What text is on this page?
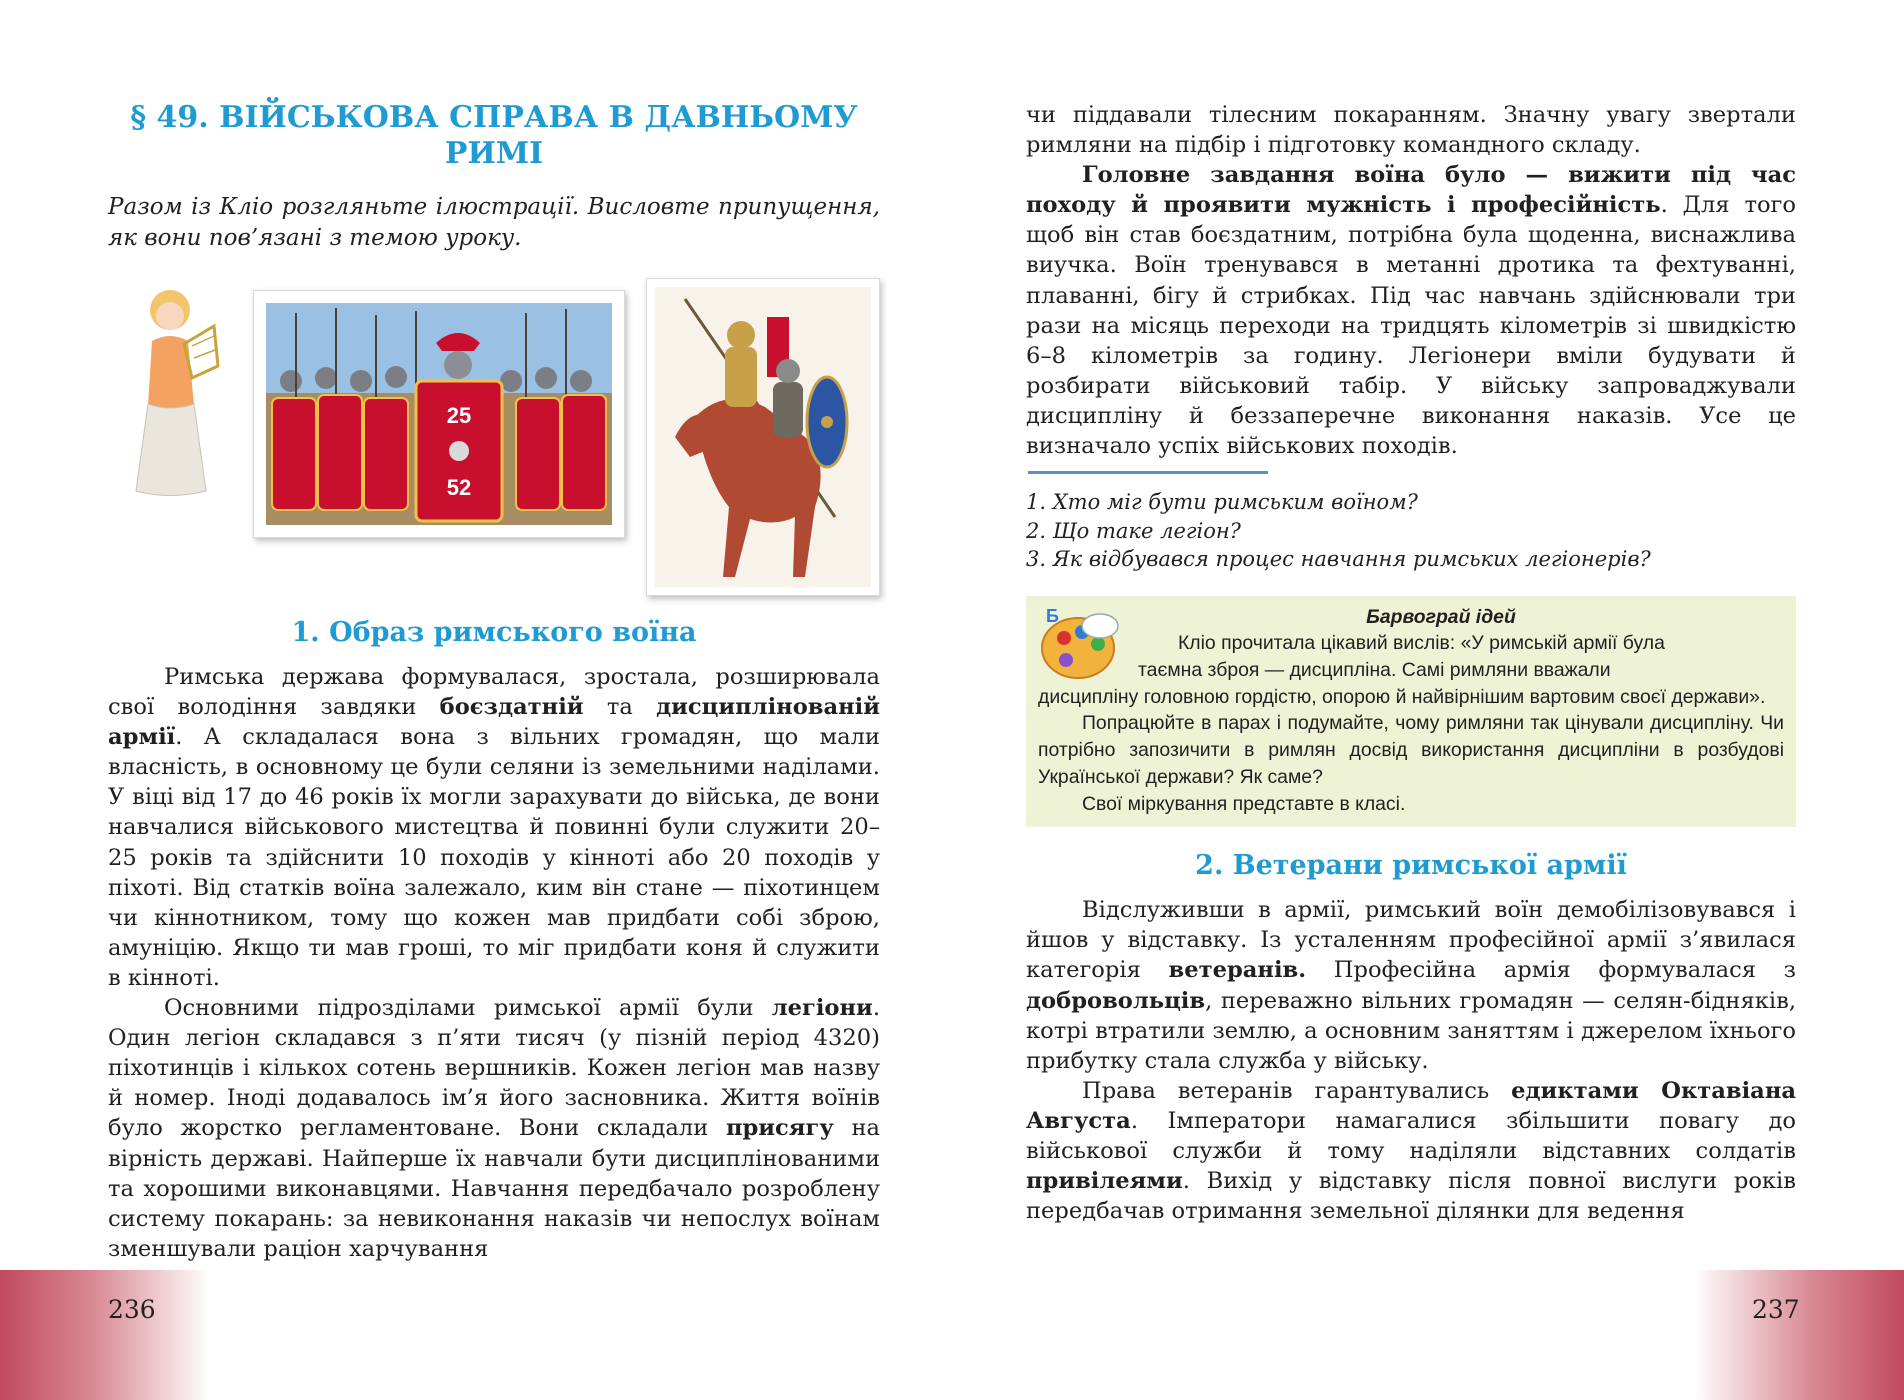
§ 49. ВІЙСЬКОВА СПРАВА В ДАВНЬОМУ РИМІ

Разом із Кліо розгляньте ілюстрації. Висловте припущення, як вони пов’язані з темою уроку.

25
52
1. Образ римського воїна

Римська держава формувалася, зростала, розширювала свої володіння завдяки боєздатній та дисциплінованій армії. А складалася вона з вільних громадян, що мали власність, в основному це були селяни із земельними наділами. У віці від 17 до 46 років їх могли зарахувати до війська, де вони навчалися військового мистецтва й повинні були служити 20–25 років та здійснити 10 походів у кінноті або 20 походів у піхоті. Від статків воїна залежало, ким він стане — піхотинцем чи кіннотником, тому що кожен мав придбати собі зброю, амуніцію. Якщо ти мав гроші, то міг придбати коня й служити в кінноті.

Основними підрозділами римської армії були легіони. Один легіон складався з п’яти тисяч (у пізній період 4320) піхотинців і кількох сотень вершників. Кожен легіон мав назву й номер. Іноді додавалось ім’я його засновника. Життя воїнів було жорстко регламентоване. Вони складали присягу на вірність державі. Найперше їх навчали бути дисциплінованими та хорошими виконавцями. Навчання передбачало розроблену систему покарань: за невиконання наказів чи непослух воїнам зменшували раціон харчування

чи піддавали тілесним покаранням. Значну увагу звертали римляни на підбір і підготовку командного складу.

Головне завдання воїна було — вижити під час походу й проявити мужність і професійність. Для того щоб він став боєздатним, потрібна була щоденна, виснажлива виучка. Воїн тренувався в метанні дротика та фехтуванні, плаванні, бігу й стрибках. Під час навчань здійснювали три рази на місяць переходи на тридцять кілометрів зі швидкістю 6–8 кілометрів за годину. Легіонери вміли будувати й розбирати військовий табір. У війську запроваджували дисципліну й беззаперечне виконання наказів. Усе це визначало успіх військових походів.

1. Хто міг бути римським воїном?
2. Що таке легіон?
3. Як відбувався процес навчання римських легіонерів?
Б	Барвограй ідей

Кліо прочитала цікавий вислів: «У римській армії була

таємна зброя — дисципліна. Самі римляни вважали

дисципліну головною гордістю, опорою й найвірнішим вартовим своєї держави».

Попрацюйте в парах і подумайте, чому римляни так цінували дисципліну. Чи потрібно запозичити в римлян досвід використання дисципліни в розбудові Української держави? Як саме?

Свої міркування представте в класі.

2. Ветерани римської армії

Відслуживши в армії, римський воїн демобілізовувався і йшов у відставку. Із усталенням професійної армії з’явилася категорія ветеранів. Професійна армія формувалася з добровольців, переважно вільних громадян — селян-бідняків, котрі втратили землю, а основним заняттям і джерелом їхнього прибутку стала служба у війську.

Права ветеранів гарантувались едиктами Октавіана Августа. Імператори намагалися збільшити повагу до військової служби й тому наділяли відставних солдатів привілеями. Вихід у відставку після повної вислуги років передбачав отримання земельної ділянки для ведення

236	237
